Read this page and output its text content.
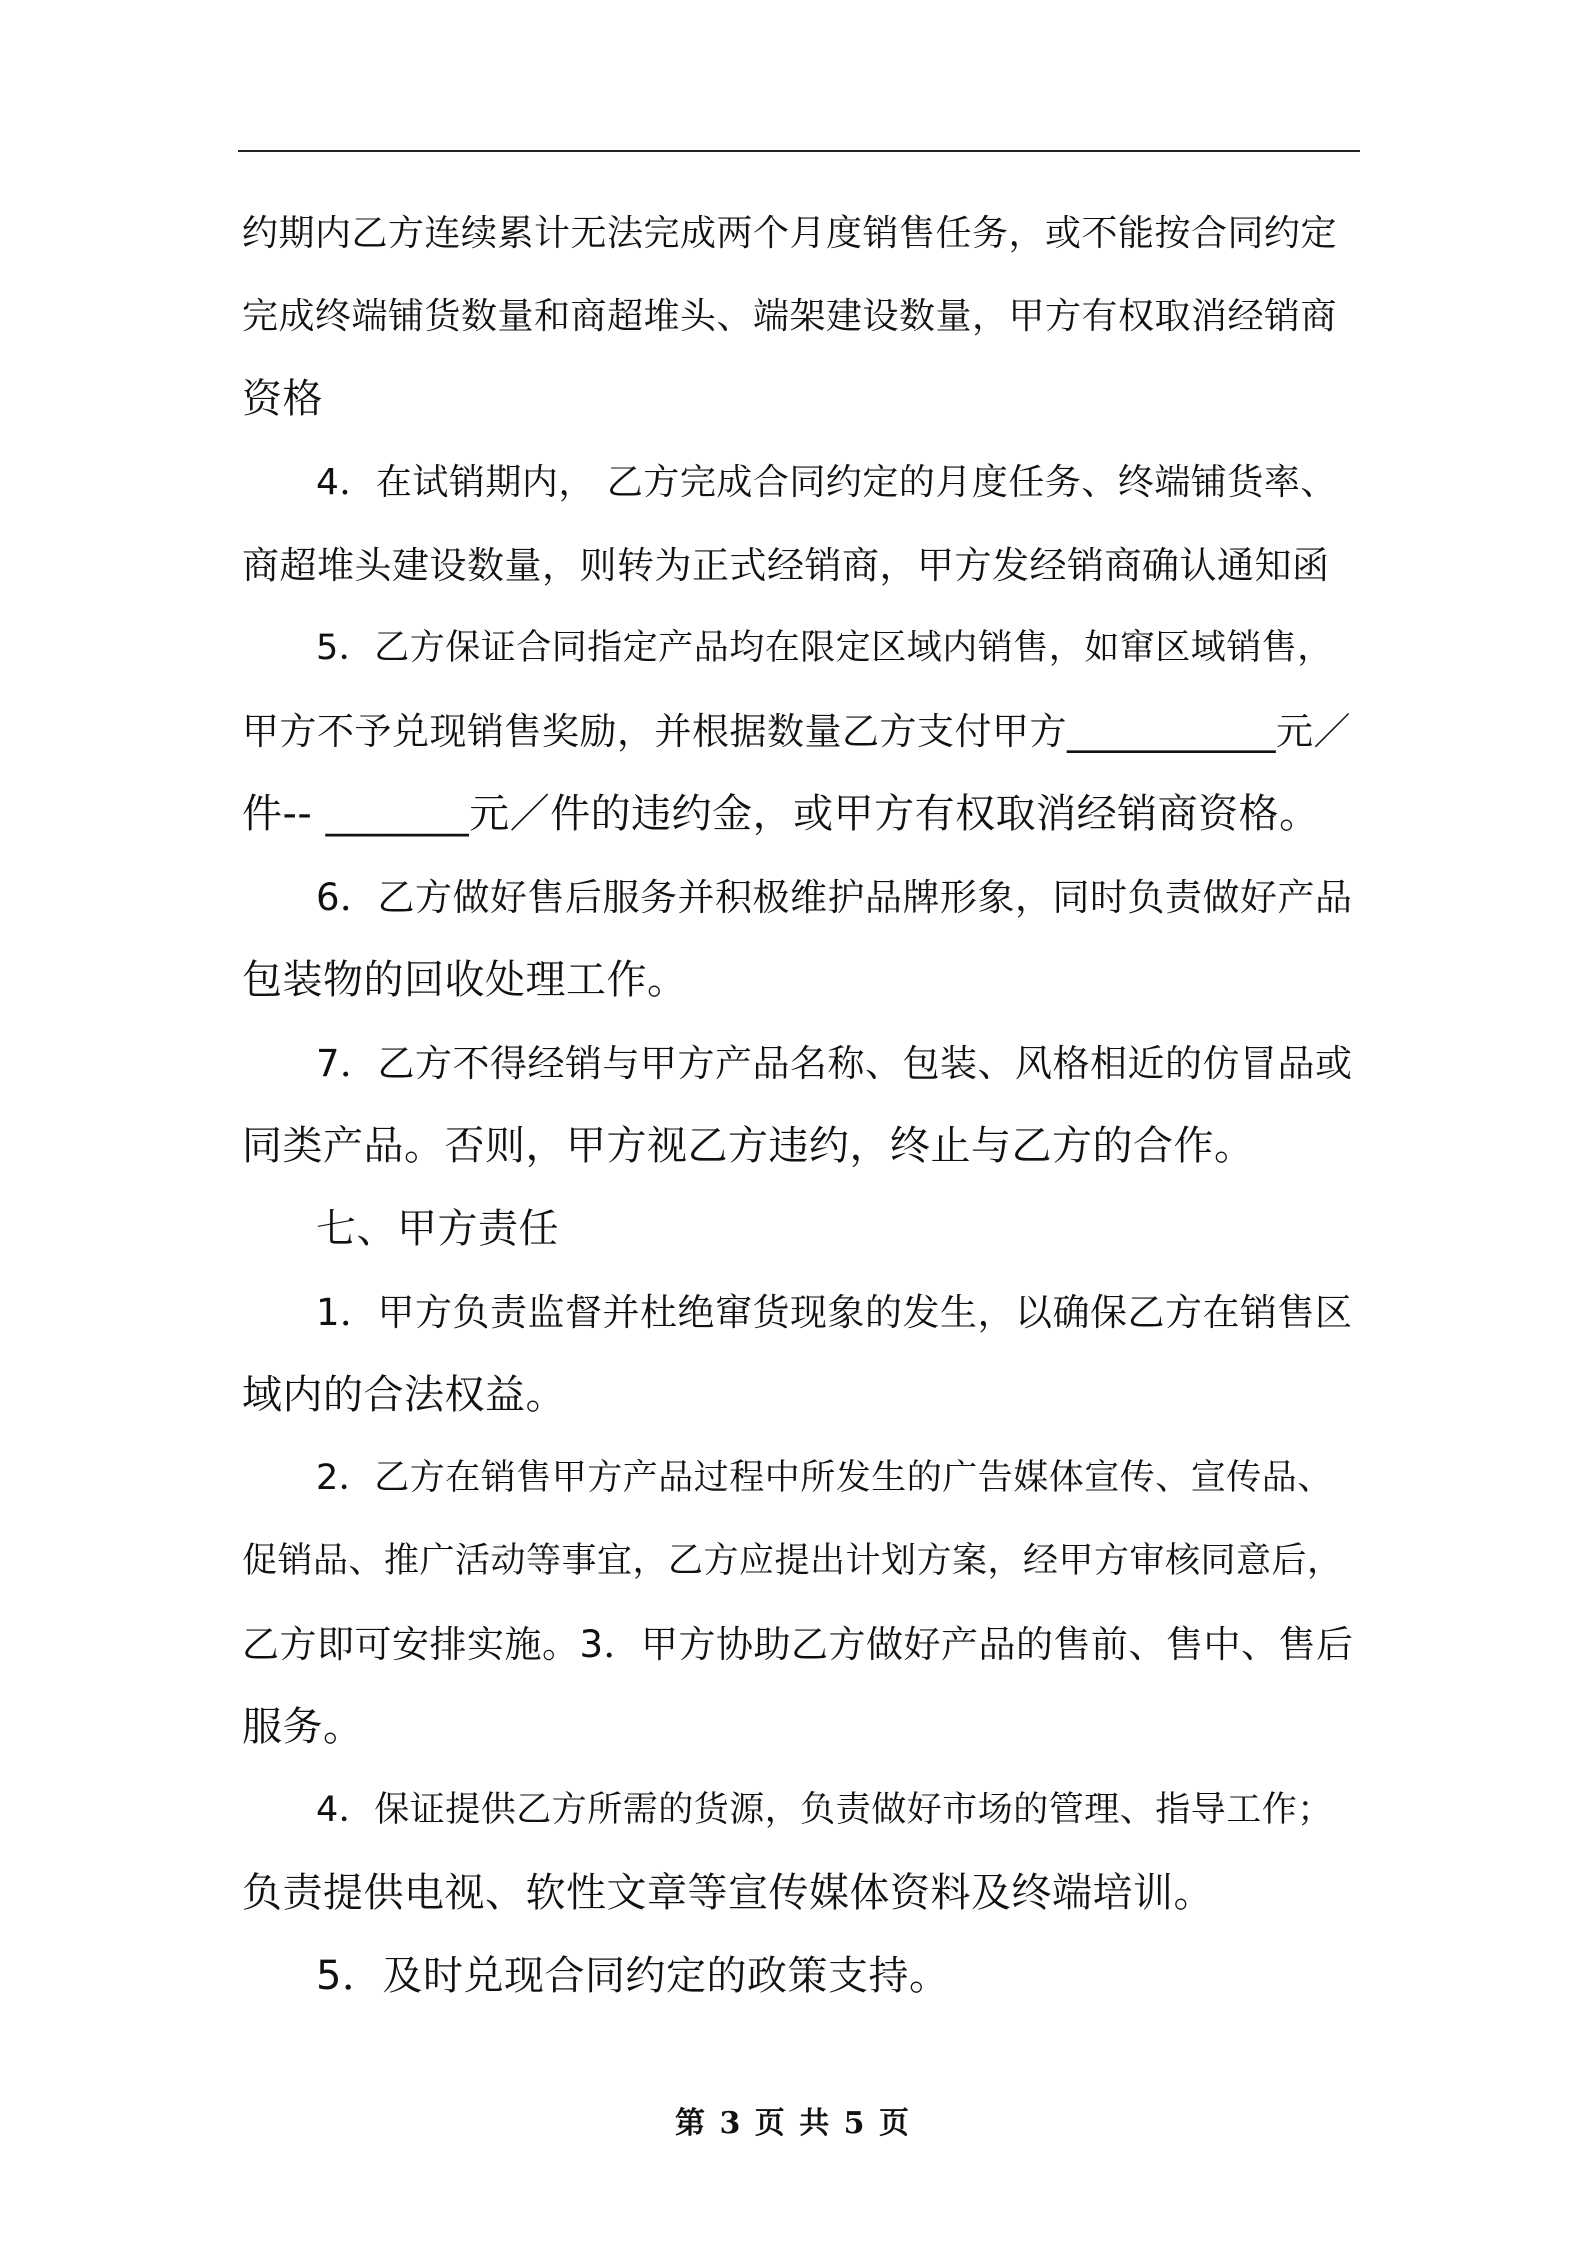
约期内乙方连续累计无法完成两个月度销售任务，或不能按合同约定
完成终端铺货数量和商超堆头、端架建设数量，甲方有权取消经销商
资格
4．在试销期内， 乙方完成合同约定的月度任务、终端铺货率、
商超堆头建设数量，则转为正式经销商，甲方发经销商确认通知函
5．乙方保证合同指定产品均在限定区域内销售，如窜区域销售，
甲方不予兑现销售奖励，并根据数量乙方支付甲方___________元／
件-- _______元／件的违约金，或甲方有权取消经销商资格。
6．乙方做好售后服务并积极维护品牌形象，同时负责做好产品
包装物的回收处理工作。
7．乙方不得经销与甲方产品名称、包装、风格相近的仿冒品或
同类产品。否则，甲方视乙方违约，终止与乙方的合作。
七、甲方责任
1．甲方负责监督并杜绝窜货现象的发生，以确保乙方在销售区
域内的合法权益。
2．乙方在销售甲方产品过程中所发生的广告媒体宣传、宣传品、
促销品、推广活动等事宜，乙方应提出计划方案，经甲方审核同意后，
乙方即可安排实施。3．甲方协助乙方做好产品的售前、售中、售后
服务。
4．保证提供乙方所需的货源，负责做好市场的管理、指导工作；
负责提供电视、软性文章等宣传媒体资料及终端培训。
5．及时兑现合同约定的政策支持。
第 3 页 共 5 页
